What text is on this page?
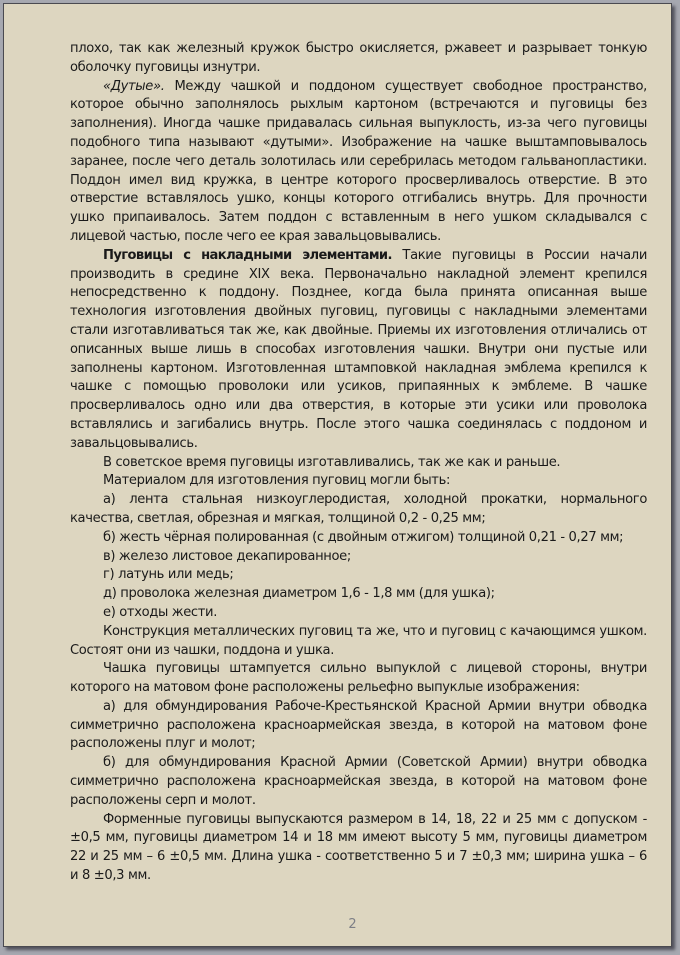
плохо, так как железный кружок быстро окисляется, ржавеет и разрывает тонкую оболочку пуговицы изнутри.

«Дутые». Между чашкой и поддоном существует свободное пространство, которое обычно заполнялось рыхлым картоном (встречаются и пуговицы без заполнения). Иногда чашке придавалась сильная выпуклость, из-за чего пуговицы подобного типа называют «дутыми». Изображение на чашке выштамповывалось заранее, после чего деталь золотилась или серебрилась методом гальванопластики. Поддон имел вид кружка, в центре которого просверливалось отверстие. В это отверстие вставлялось ушко, концы которого отгибались внутрь. Для прочности ушко припаивалось. Затем поддон с вставленным в него ушком складывался с лицевой частью, после чего ее края завальцовывались.

Пуговицы с накладными элементами. Такие пуговицы в России начали производить в средине XIX века. Первоначально накладной элемент крепился непосредственно к поддону. Позднее, когда была принята описанная выше технология изготовления двойных пуговиц, пуговицы с накладными элементами стали изготавливаться так же, как двойные. Приемы их изготовления отличались от описанных выше лишь в способах изготовления чашки. Внутри они пустые или заполнены картоном. Изготовленная штамповкой накладная эмблема крепился к чашке с помощью проволоки или усиков, припаянных к эмблеме. В чашке просверливалось одно или два отверстия, в которые эти усики или проволока вставлялись и загибались внутрь. После этого чашка соединялась с поддоном и завальцовывались.

В советское время пуговицы изготавливались, так же как и раньше.

Материалом для изготовления пуговиц могли быть:

а) лента стальная низкоуглеродистая, холодной прокатки, нормального качества, светлая, обрезная и мягкая, толщиной 0,2 - 0,25 мм;

б) жесть чёрная полированная (с двойным отжигом) толщиной 0,21 - 0,27 мм;

в) железо листовое декапированное;

г) латунь или медь;

д) проволока железная диаметром 1,6 - 1,8 мм (для ушка);

е) отходы жести.

Конструкция металлических пуговиц та же, что и пуговиц с качающимся ушком. Состоят они из чашки, поддона и ушка.

Чашка пуговицы штампуется сильно выпуклой с лицевой стороны, внутри которого на матовом фоне расположены рельефно выпуклые изображения:

а) для обмундирования Рабоче-Крестьянской Красной Армии внутри обводка симметрично расположена красноармейская звезда, в которой на матовом фоне расположены плуг и молот;

б) для обмундирования Красной Армии (Советской Армии) внутри обводка симметрично расположена красноармейская звезда, в которой на матовом фоне расположены серп и молот.

Форменные пуговицы выпускаются размером в 14, 18, 22 и 25 мм с допуском - ±0,5 мм, пуговицы диаметром 14 и 18 мм имеют высоту 5 мм, пуговицы диаметром 22 и 25 мм – 6 ±0,5 мм. Длина ушка - соответственно 5 и 7 ±0,3 мм; ширина ушка – 6 и 8 ±0,3 мм.

2
